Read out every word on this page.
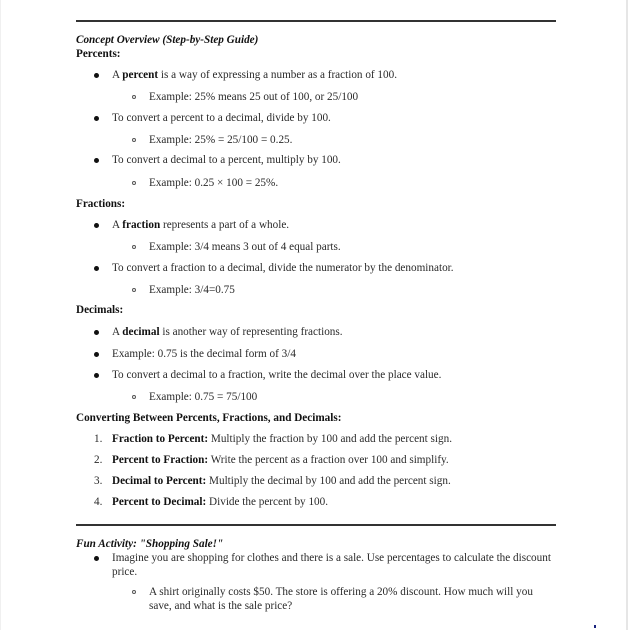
Concept Overview (Step-by-Step Guide)
Percents:
A percent is a way of expressing a number as a fraction of 100.
Example: 25% means 25 out of 100, or 25/100
To convert a percent to a decimal, divide by 100.
Example: 25% = 25/100 = 0.25.
To convert a decimal to a percent, multiply by 100.
Example: 0.25 × 100 = 25%.
Fractions:
A fraction represents a part of a whole.
Example: 3/4 means 3 out of 4 equal parts.
To convert a fraction to a decimal, divide the numerator by the denominator.
Example: 3/4=0.75
Decimals:
A decimal is another way of representing fractions.
Example: 0.75 is the decimal form of 3/4
To convert a decimal to a fraction, write the decimal over the place value.
Example: 0.75 = 75/100
Converting Between Percents, Fractions, and Decimals:
1. Fraction to Percent: Multiply the fraction by 100 and add the percent sign.
2. Percent to Fraction: Write the percent as a fraction over 100 and simplify.
3. Decimal to Percent: Multiply the decimal by 100 and add the percent sign.
4. Percent to Decimal: Divide the percent by 100.
Fun Activity: "Shopping Sale!"
Imagine you are shopping for clothes and there is a sale. Use percentages to calculate the discount price.
A shirt originally costs $50. The store is offering a 20% discount. How much will you save, and what is the sale price?
